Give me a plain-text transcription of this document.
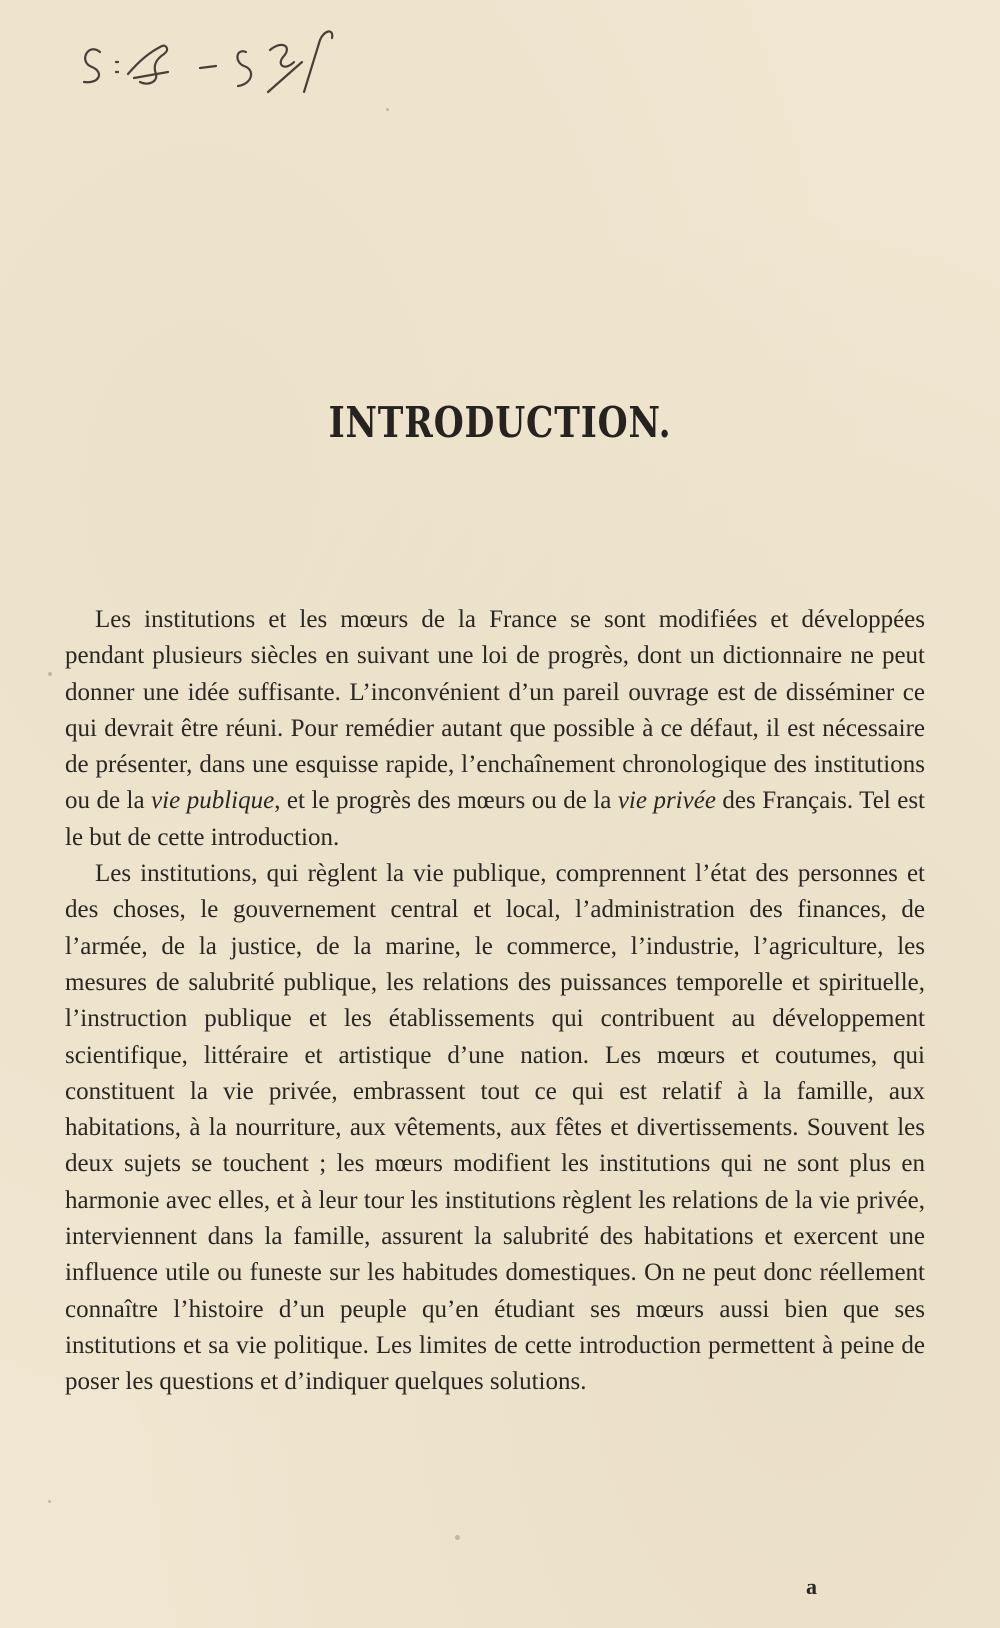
INTRODUCTION.

Les institutions et les mœurs de la France se sont modifiées et développées pendant plusieurs siècles en suivant une loi de progrès, dont un dictionnaire ne peut donner une idée suffisante. L’inconvénient d’un pareil ouvrage est de disséminer ce qui devrait être réuni. Pour remédier autant que possible à ce défaut, il est nécessaire de présenter, dans une esquisse rapide, l’enchaînement chronologique des institutions ou de la vie publique, et le progrès des mœurs ou de la vie privée des Français. Tel est le but de cette introduction.

Les institutions, qui règlent la vie publique, comprennent l’état des personnes et des choses, le gouvernement central et local, l’administration des finances, de l’armée, de la justice, de la marine, le commerce, l’industrie, l’agriculture, les mesures de salubrité publique, les relations des puissances temporelle et spirituelle, l’instruction publique et les établissements qui contribuent au développement scientifique, littéraire et artistique d’une nation. Les mœurs et coutumes, qui constituent la vie privée, embrassent tout ce qui est relatif à la famille, aux habitations, à la nourriture, aux vêtements, aux fêtes et divertissements. Souvent les deux sujets se touchent ; les mœurs modifient les institutions qui ne sont plus en harmonie avec elles, et à leur tour les institutions règlent les relations de la vie privée, interviennent dans la famille, assurent la salubrité des habitations et exercent une influence utile ou funeste sur les habitudes domestiques. On ne peut donc réellement connaître l’histoire d’un peuple qu’en étudiant ses mœurs aussi bien que ses institutions et sa vie politique. Les limites de cette introduction permettent à peine de poser les questions et d’indiquer quelques solutions.

a
